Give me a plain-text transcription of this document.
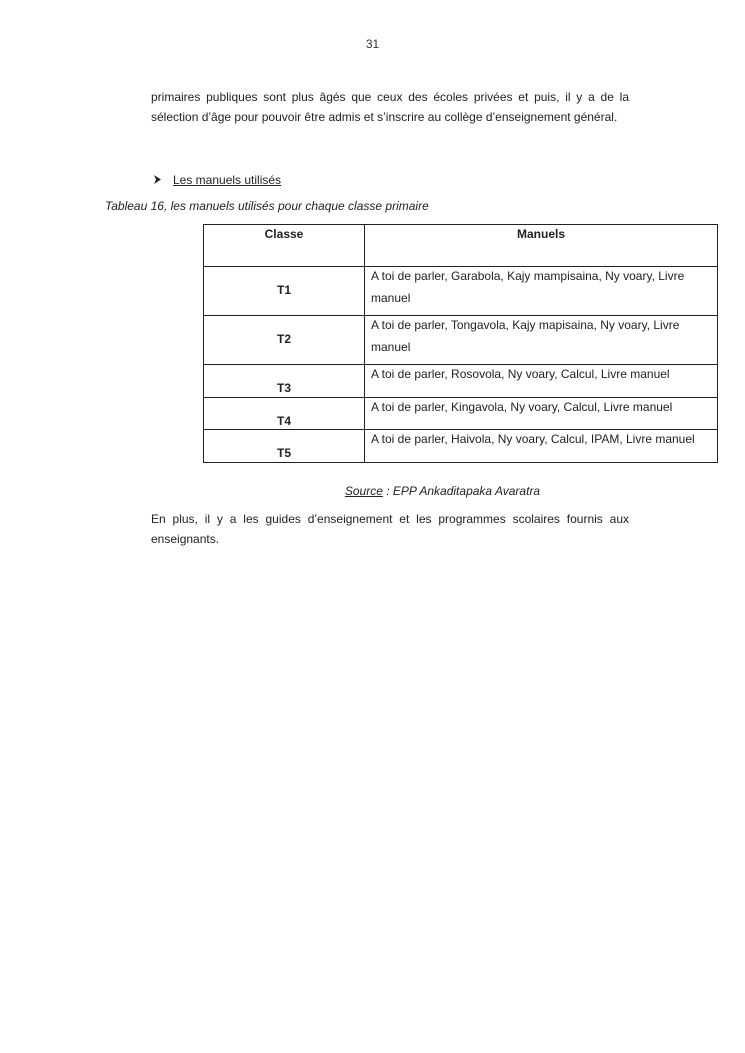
31
primaires publiques sont plus âgés que ceux des écoles privées et puis, il y a de la
sélection d’âge pour pouvoir être admis et s’inscrire au collège d’enseignement général.
Les manuels utilisés
Tableau 16, les manuels utilisés pour chaque classe primaire
Classe	Manuels

T1	A toi de parler, Garabola, Kajy mampisaina, Ny voary, Livre
manuel

T2	A toi de parler, Tongavola, Kajy mapisaina, Ny voary, Livre
manuel

T3	A toi de parler, Rosovola, Ny voary, Calcul, Livre manuel

T4	A toi de parler, Kingavola, Ny voary, Calcul, Livre manuel

T5	A toi de parler, Haivola, Ny voary, Calcul, IPAM, Livre manuel
Source : EPP Ankaditapaka Avaratra
En plus, il y a les guides d’enseignement et les programmes scolaires fournis aux
enseignants.
